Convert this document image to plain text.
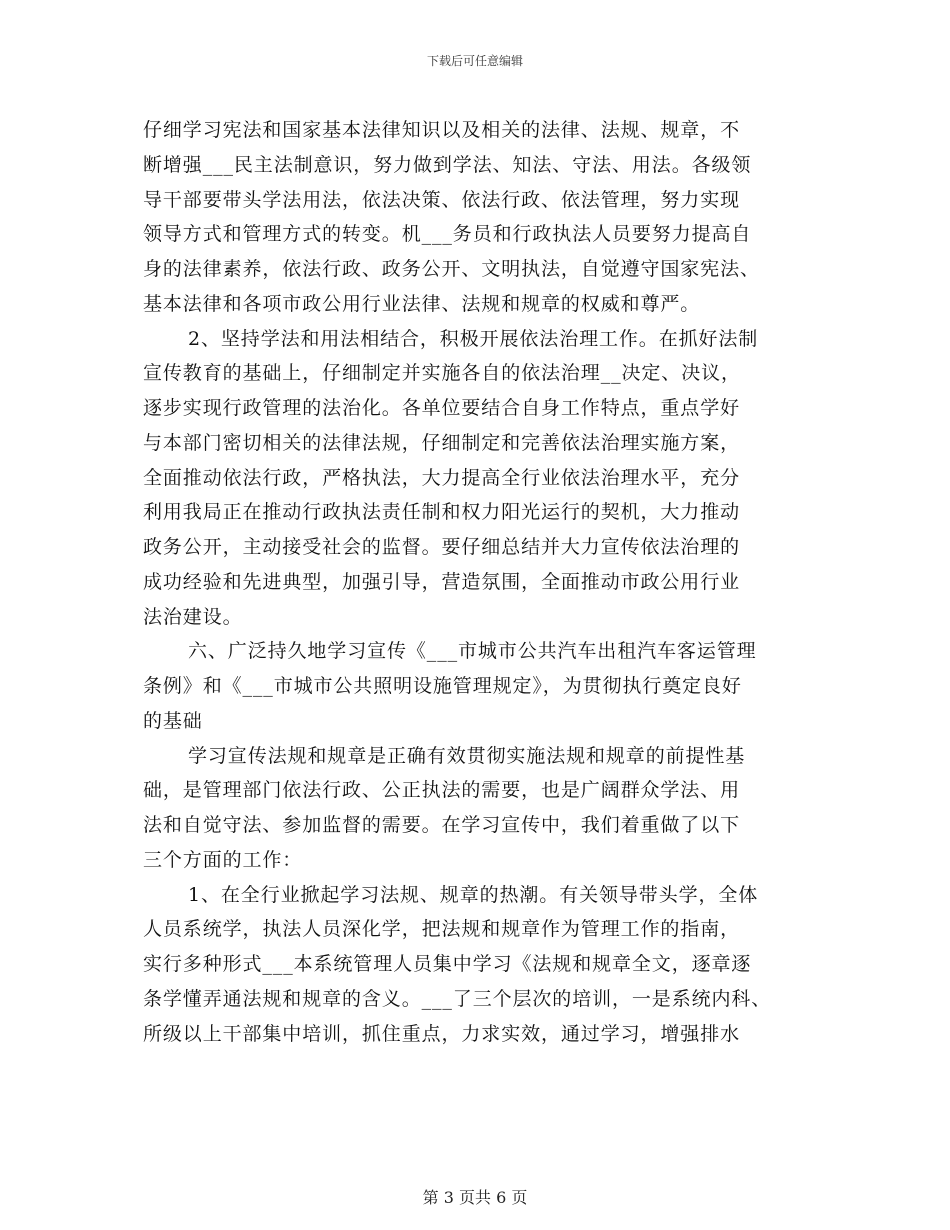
下载后可任意编辑
仔细学习宪法和国家基本法律知识以及相关的法律、法规、规章，不
断增强___民主法制意识，努力做到学法、知法、守法、用法。各级领
导干部要带头学法用法，依法决策、依法行政、依法管理，努力实现
领导方式和管理方式的转变。机___务员和行政执法人员要努力提高自
身的法律素养，依法行政、政务公开、文明执法，自觉遵守国家宪法、
基本法律和各项市政公用行业法律、法规和规章的权威和尊严。
2、坚持学法和用法相结合，积极开展依法治理工作。在抓好法制
宣传教育的基础上，仔细制定并实施各自的依法治理__决定、决议，
逐步实现行政管理的法治化。各单位要结合自身工作特点，重点学好
与本部门密切相关的法律法规，仔细制定和完善依法治理实施方案，
全面推动依法行政，严格执法，大力提高全行业依法治理水平，充分
利用我局正在推动行政执法责任制和权力阳光运行的契机，大力推动
政务公开，主动接受社会的监督。要仔细总结并大力宣传依法治理的
成功经验和先进典型，加强引导，营造氛围，全面推动市政公用行业
法治建设。
六、广泛持久地学习宣传《___市城市公共汽车出租汽车客运管理
条例》和《___市城市公共照明设施管理规定》，为贯彻执行奠定良好
的基础
学习宣传法规和规章是正确有效贯彻实施法规和规章的前提性基
础，是管理部门依法行政、公正执法的需要，也是广阔群众学法、用
法和自觉守法、参加监督的需要。在学习宣传中，我们着重做了以下
三个方面的工作：
1、在全行业掀起学习法规、规章的热潮。有关领导带头学，全体
人员系统学，执法人员深化学，把法规和规章作为管理工作的指南，
实行多种形式___本系统管理人员集中学习《法规和规章全文，逐章逐
条学懂弄通法规和规章的含义。___了三个层次的培训，一是系统内科、
所级以上干部集中培训，抓住重点，力求实效，通过学习，增强排水
第 3 页共 6 页
